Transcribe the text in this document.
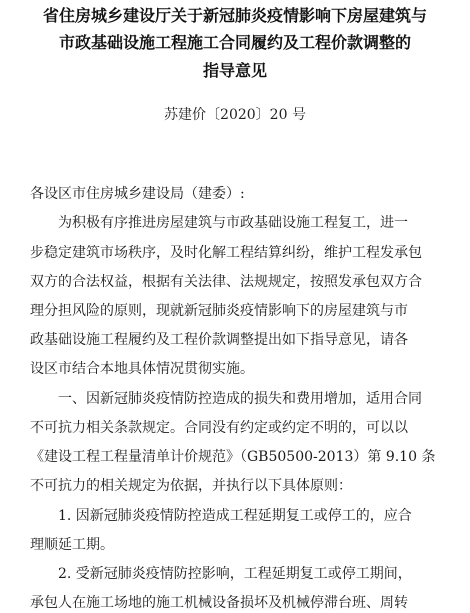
省住房城乡建设厅关于新冠肺炎疫情影响下房屋建筑与
市政基础设施工程施工合同履约及工程价款调整的
指导意见
苏建价〔2020〕20 号
各设区市住房城乡建设局（建委）:
为积极有序推进房屋建筑与市政基础设施工程复工，进一
步稳定建筑市场秩序，及时化解工程结算纠纷，维护工程发承包
双方的合法权益，根据有关法律、法规规定，按照发承包双方合
理分担风险的原则，现就新冠肺炎疫情影响下的房屋建筑与市
政基础设施工程履约及工程价款调整提出如下指导意见，请各
设区市结合本地具体情况贯彻实施。
一、因新冠肺炎疫情防控造成的损失和费用增加，适用合同
不可抗力相关条款规定。合同没有约定或约定不明的，可以以
《建设工程工程量清单计价规范》（GB50500-2013）第 9.10 条
不可抗力的相关规定为依据，并执行以下具体原则：
1. 因新冠肺炎疫情防控造成工程延期复工或停工的，应合
理顺延工期。
2. 受新冠肺炎疫情防控影响，工程延期复工或停工期间，
承包人在施工场地的施工机械设备损坏及机械停滞台班、周转
